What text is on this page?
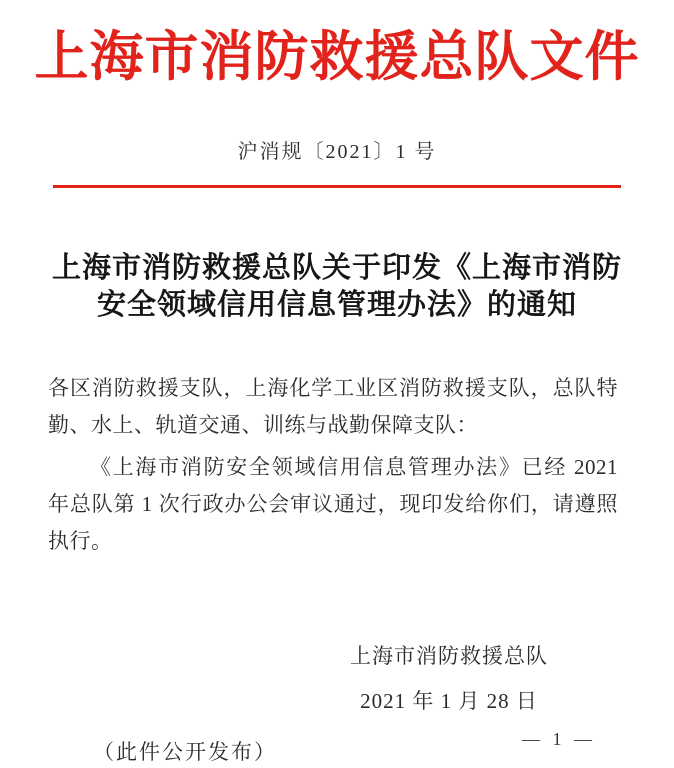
上海市消防救援总队文件
沪消规〔2021〕1 号
上海市消防救援总队关于印发《上海市消防
安全领域信用信息管理办法》的通知

各区消防救援支队，上海化学工业区消防救援支队，总队特勤、水上、轨道交通、训练与战勤保障支队：

《上海市消防安全领域信用信息管理办法》已经 2021 年总队第 1 次行政办公会审议通过，现印发给你们，请遵照执行。

上海市消防救援总队
2021 年 1 月 28 日
（此件公开发布）
— 1 —
